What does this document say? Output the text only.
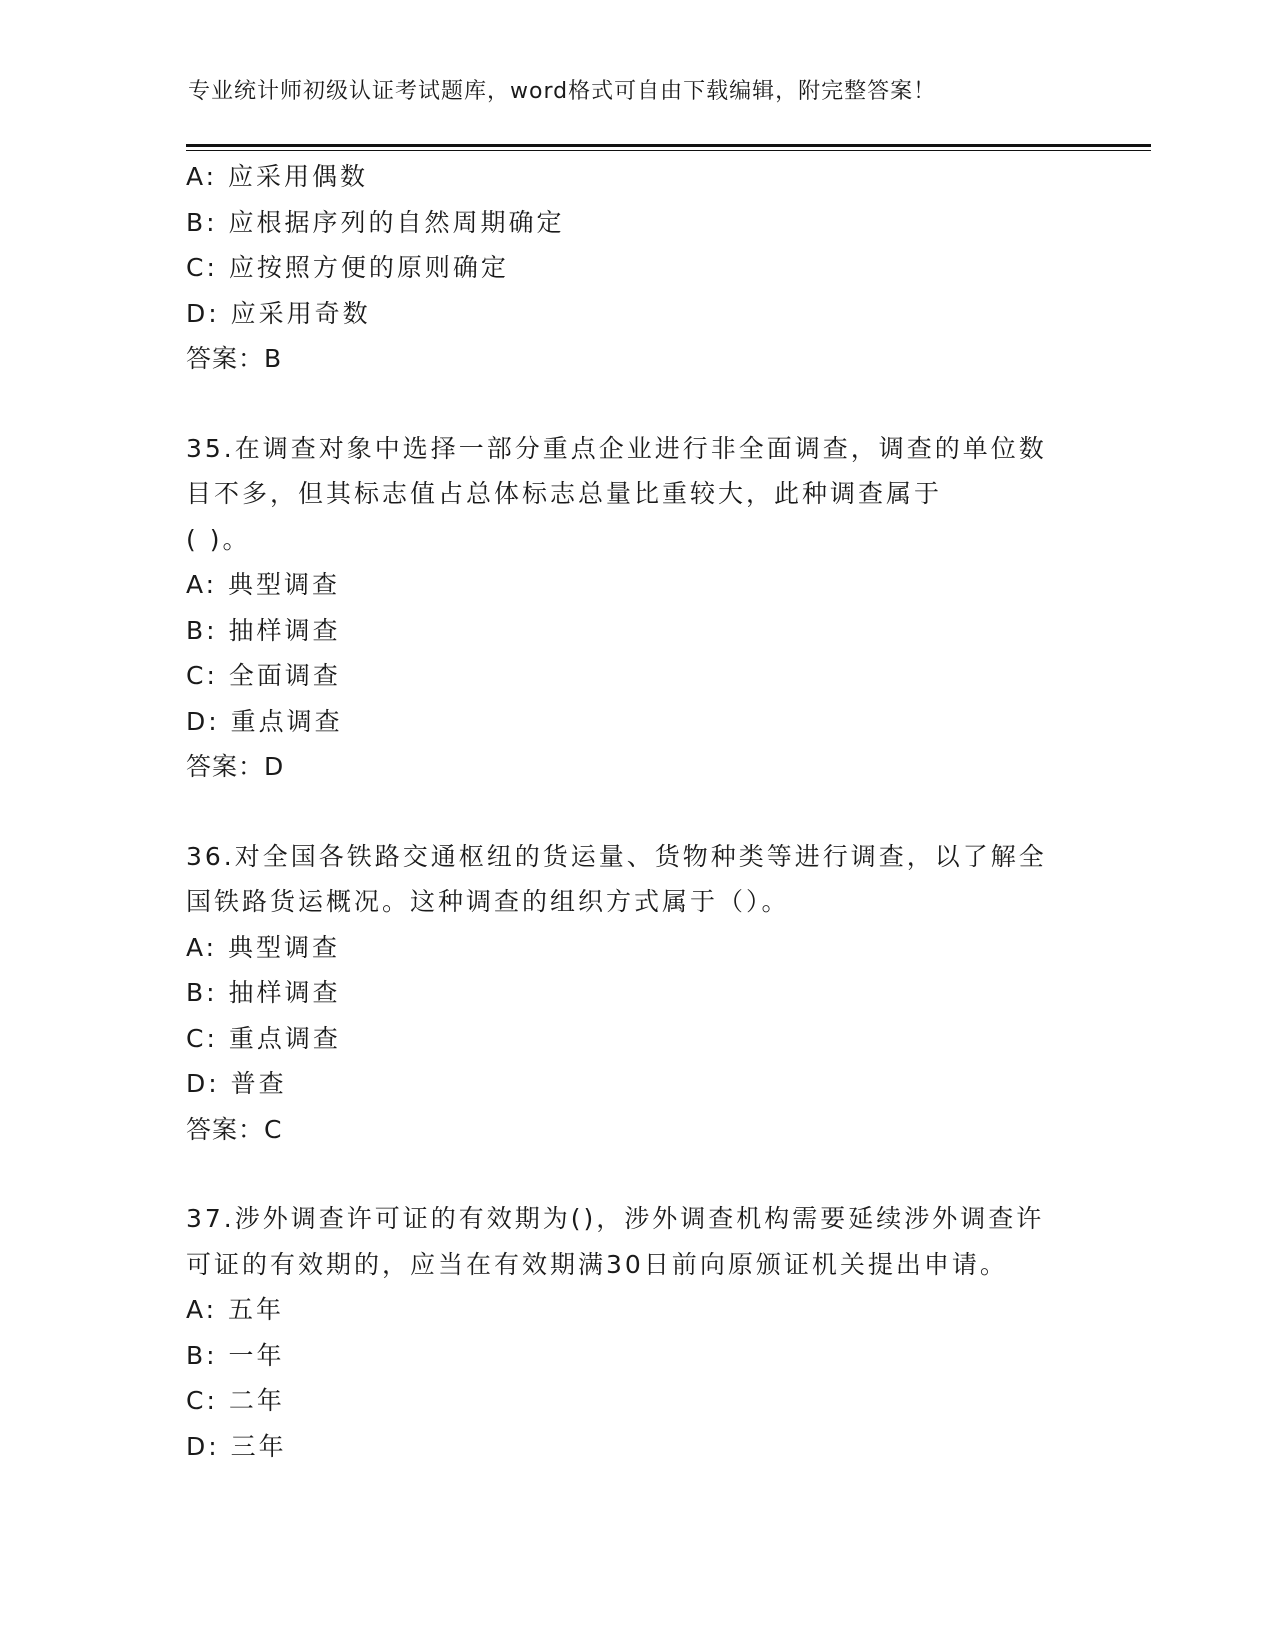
专业统计师初级认证考试题库，word格式可自由下载编辑，附完整答案！
A: 应采用偶数
B: 应根据序列的自然周期确定
C: 应按照方便的原则确定
D: 应采用奇数
答案：B
35.在调查对象中选择一部分重点企业进行非全面调查，调查的单位数
目不多，但其标志值占总体标志总量比重较大，此种调查属于
( )。
A: 典型调查
B: 抽样调查
C: 全面调查
D: 重点调查
答案：D
36.对全国各铁路交通枢纽的货运量、货物种类等进行调查，以了解全
国铁路货运概况。这种调查的组织方式属于（）。
A: 典型调查
B: 抽样调查
C: 重点调查
D: 普查
答案：C
37.涉外调查许可证的有效期为()，涉外调查机构需要延续涉外调查许
可证的有效期的，应当在有效期满30日前向原颁证机关提出申请。
A: 五年
B: 一年
C: 二年
D: 三年
